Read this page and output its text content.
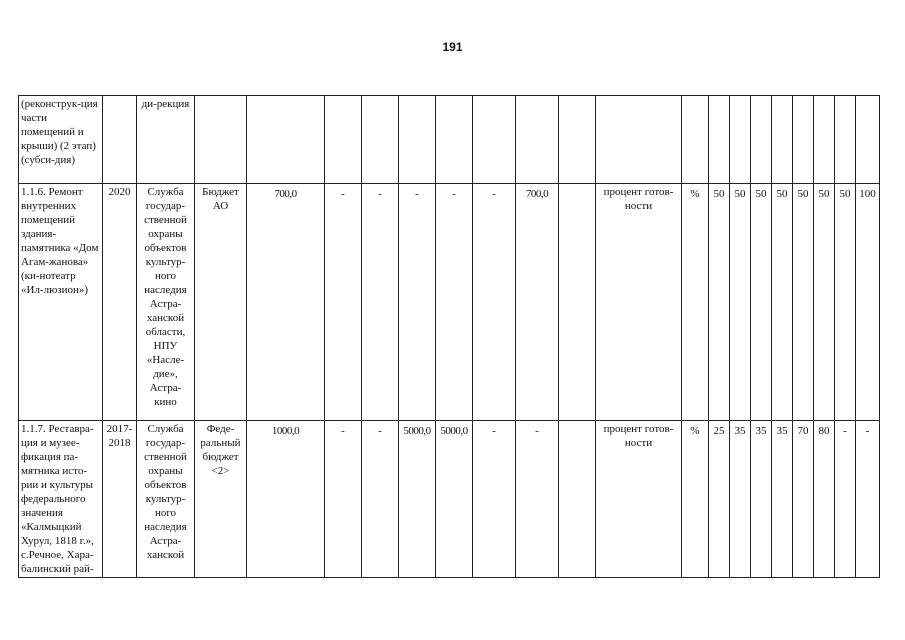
191
(реконструк-ция части помещений и крыши) (2 этап) (субси-дия)		ди-рекция																			
1.1.6. Ремонт внутренних помещений здания-памятника «Дом Агам-жанова» (ки-нотеатр «Ил-люзион»)	2020	Служба государ-ственной охраны объектов культур-ного наследия Астра-ханской области, НПУ «Насле-дие», Астра-кино	Бюджет АО	700,0	-	-	-	-	-	700,0		процент готов-ности	%	50	50	50	50	50	50	50	100
1.1.7. Реставра-ция и музее-фикация па-мятника исто-рии и культуры федерального значения «Калмыцкий Хурул, 1818 г.», с.Речное, Хара-балинский рай-	2017-2018	Служба государ-ственной охраны объектов культур-ного наследия Астра-ханской	Феде-ральный бюджет <2>	1000,0	-	-	5000,0	5000,0	-	-		процент готов-ности	%	25	35	35	35	70	80	-	-
